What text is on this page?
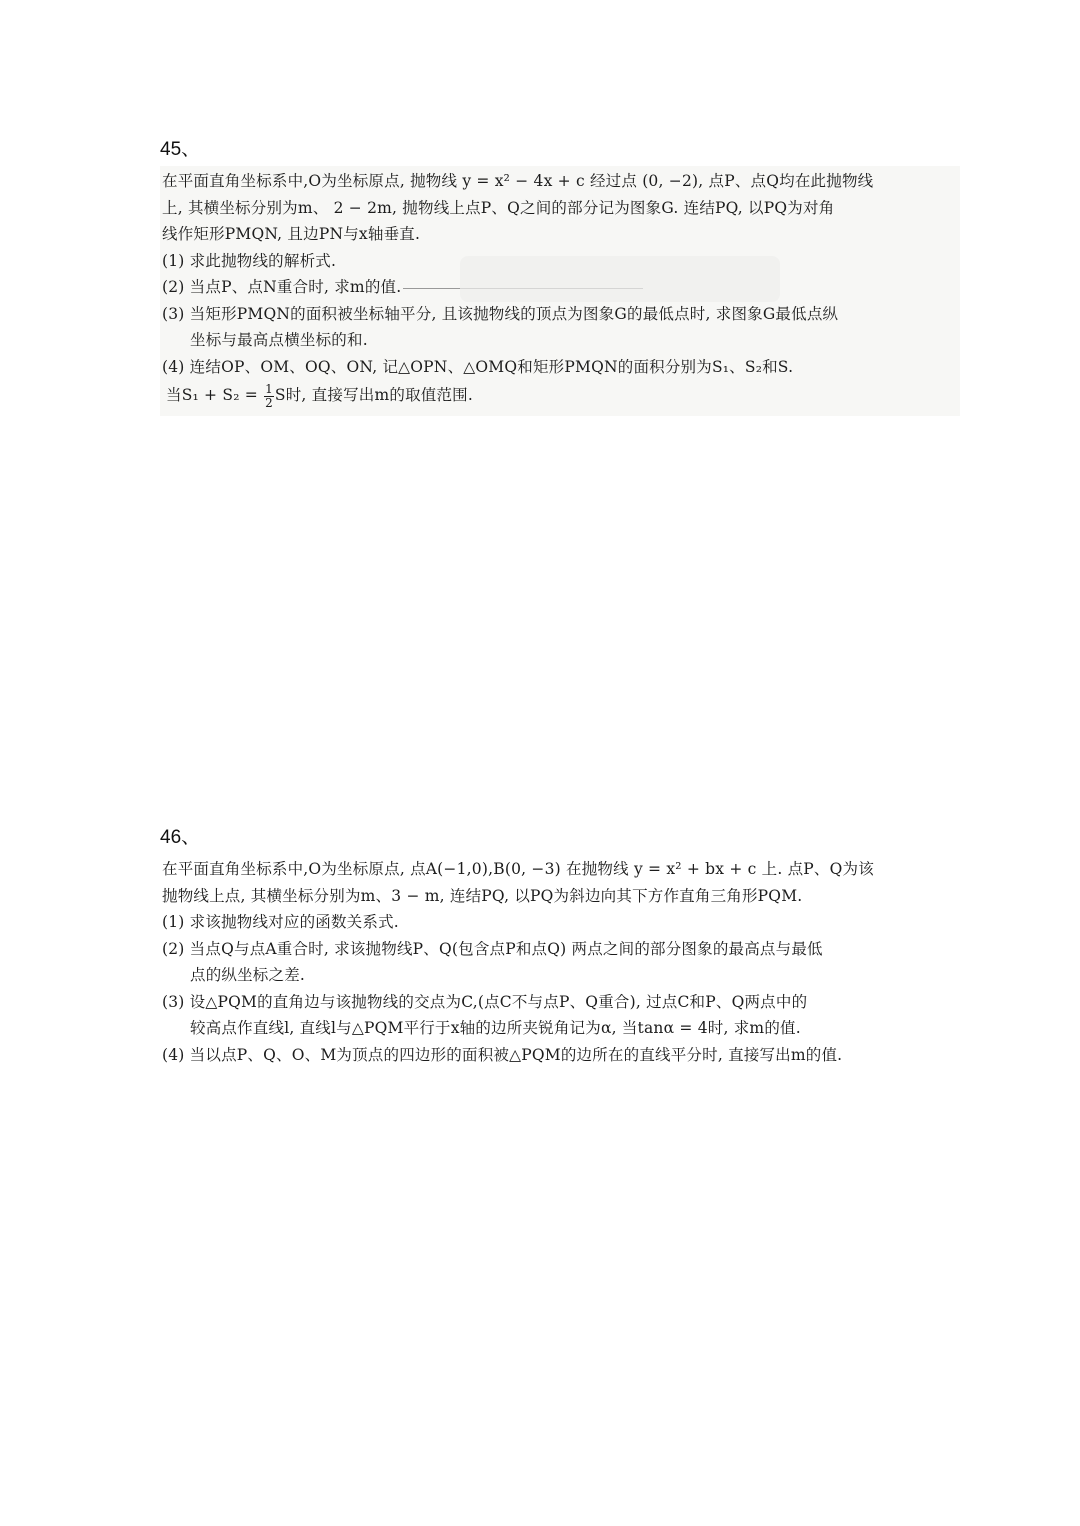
45、
在平面直角坐标系中,O为坐标原点, 抛物线 y = x² − 4x + c 经过点 (0, −2), 点P、点Q均在此抛物线
上, 其横坐标分别为m、 2 − 2m, 抛物线上点P、Q之间的部分记为图象G. 连结PQ, 以PQ为对角
线作矩形PMQN, 且边PN与x轴垂直.
(1) 求此抛物线的解析式.
(2) 当点P、点N重合时, 求m的值.
(3) 当矩形PMQN的面积被坐标轴平分, 且该抛物线的顶点为图象G的最低点时, 求图象G最低点纵
坐标与最高点横坐标的和.
(4) 连结OP、OM、OQ、ON, 记△OPN、△OMQ和矩形PMQN的面积分别为S₁、S₂和S.
当$S_1 + S_2 = \frac{1}{2}$ S时, 直接写出m的取值范围.
46、
在平面直角坐标系中,O为坐标原点, 点A(−1,0),B(0, −3) 在抛物线 y = x² + bx + c 上. 点P、Q为该
抛物线上点, 其横坐标分别为m、3 − m, 连结PQ, 以PQ为斜边向其下方作直角三角形PQM.
(1) 求该抛物线对应的函数关系式.
(2) 当点Q与点A重合时, 求该抛物线P、Q(包含点P和点Q) 两点之间的部分图象的最高点与最低
点的纵坐标之差.
(3) 设△PQM的直角边与该抛物线的交点为C,(点C不与点P、Q重合), 过点C和P、Q两点中的
较高点作直线l, 直线l与△PQM平行于x轴的边所夹锐角记为α, 当tanα = 4时, 求m的值.
(4) 当以点P、Q、O、M为顶点的四边形的面积被△PQM的边所在的直线平分时, 直接写出m的值.
